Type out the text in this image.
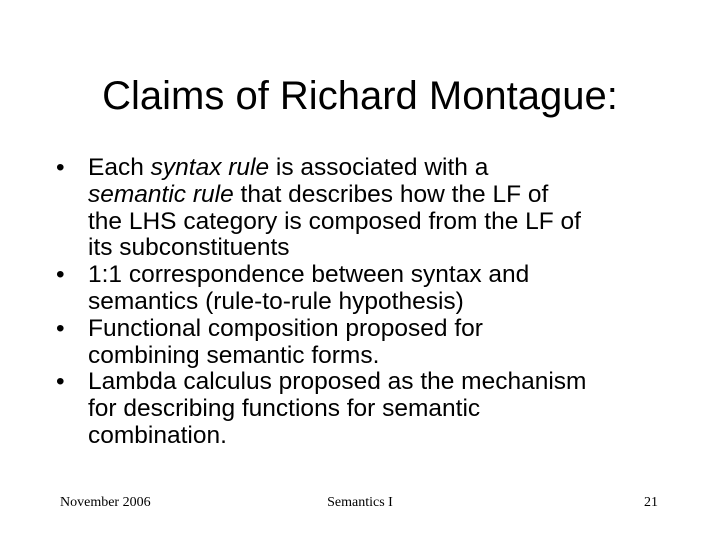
Claims of Richard Montague:
• Each syntax rule is associated with a
semantic rule that describes how the LF of
the LHS category is composed from the LF of
its subconstituents
• 1:1 correspondence between syntax and
semantics (rule-to-rule hypothesis)
• Functional composition proposed for
combining semantic forms.
• Lambda calculus proposed as the mechanism
for describing functions for semantic
combination.
November 2006	Semantics I	21
